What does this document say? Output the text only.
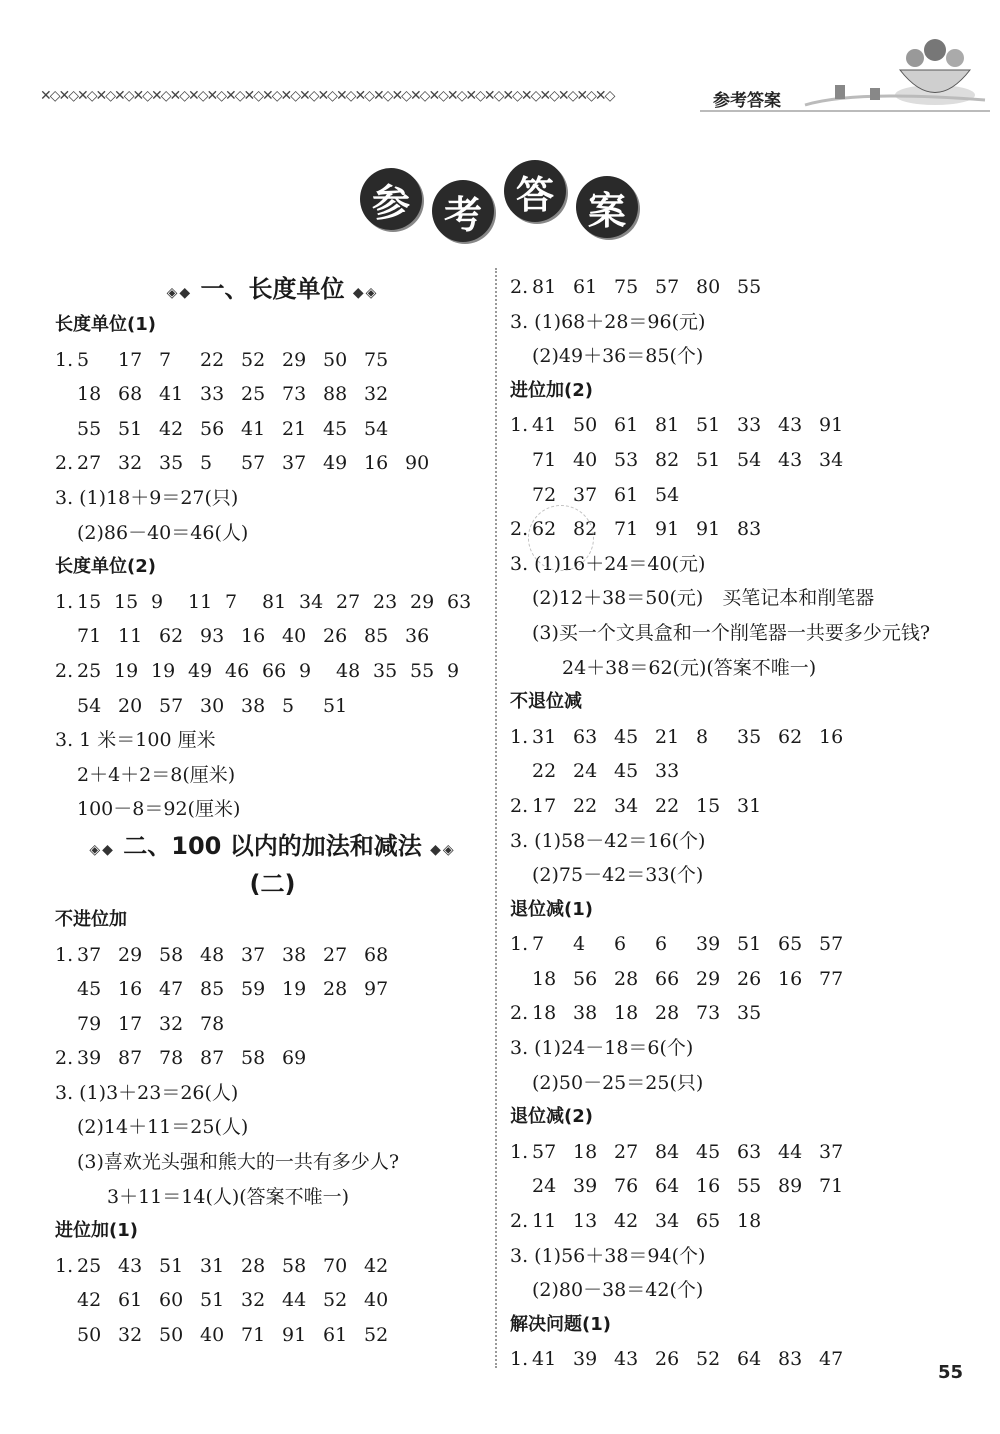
✕◇✕◇✕◇✕◇✕◇✕◇✕◇✕◇✕◇✕◇✕◇✕◇✕◇✕◇✕◇✕◇✕◇✕◇✕◇✕◇✕◇✕◇✕◇✕◇✕◇✕◇✕◇✕◇✕◇✕◇✕◇	参考答案
参 考 答 案
◈◆ 一、长度单位 ◆◈
长度单位(1)
1. 5 17 7 22 52 29 50 75
18 68 41 33 25 73 88 32
55 51 42 56 41 21 45 54
2. 27 32 35 5 57 37 49 16 90
3. (1)18＋9＝27(只)
(2)86－40＝46(人)
长度单位(2)
1. 15 15 9 11 7 81 34 27 23 29 63
71 11 62 93 16 40 26 85 36
2. 25 19 19 49 46 66 9 48 35 55 9
54 20 57 30 38 5 51
3. 1 米＝100 厘米
2＋4＋2＝8(厘米)
100－8＝92(厘米)
◈◆ 二、100 以内的加法和减法 ◆◈
(二)
不进位加
1. 37 29 58 48 37 38 27 68
45 16 47 85 59 19 28 97
79 17 32 78
2. 39 87 78 87 58 69
3. (1)3＋23＝26(人)
(2)14＋11＝25(人)
(3)喜欢光头强和熊大的一共有多少人?
3＋11＝14(人)(答案不唯一)
进位加(1)
1. 25 43 51 31 28 58 70 42
42 61 60 51 32 44 52 40
50 32 50 40 71 91 61 52
2. 81 61 75 57 80 55
3. (1)68＋28＝96(元)
(2)49＋36＝85(个)
进位加(2)
1. 41 50 61 81 51 33 43 91
71 40 53 82 51 54 43 34
72 37 61 54
2. 62 82 71 91 91 83
3. (1)16＋24＝40(元)
(2)12＋38＝50(元)　买笔记本和削笔器
(3)买一个文具盒和一个削笔器一共要多少元钱?
24＋38＝62(元)(答案不唯一)
不退位减
1. 31 63 45 21 8 35 62 16
22 24 45 33
2. 17 22 34 22 15 31
3. (1)58－42＝16(个)
(2)75－42＝33(个)
退位减(1)
1. 7 4 6 6 39 51 65 57
18 56 28 66 29 26 16 77
2. 18 38 18 28 73 35
3. (1)24－18＝6(个)
(2)50－25＝25(只)
退位减(2)
1. 57 18 27 84 45 63 44 37
24 39 76 64 16 55 89 71
2. 11 13 42 34 65 18
3. (1)56＋38＝94(个)
(2)80－38＝42(个)
解决问题(1)
1. 41 39 43 26 52 64 83 47
55
